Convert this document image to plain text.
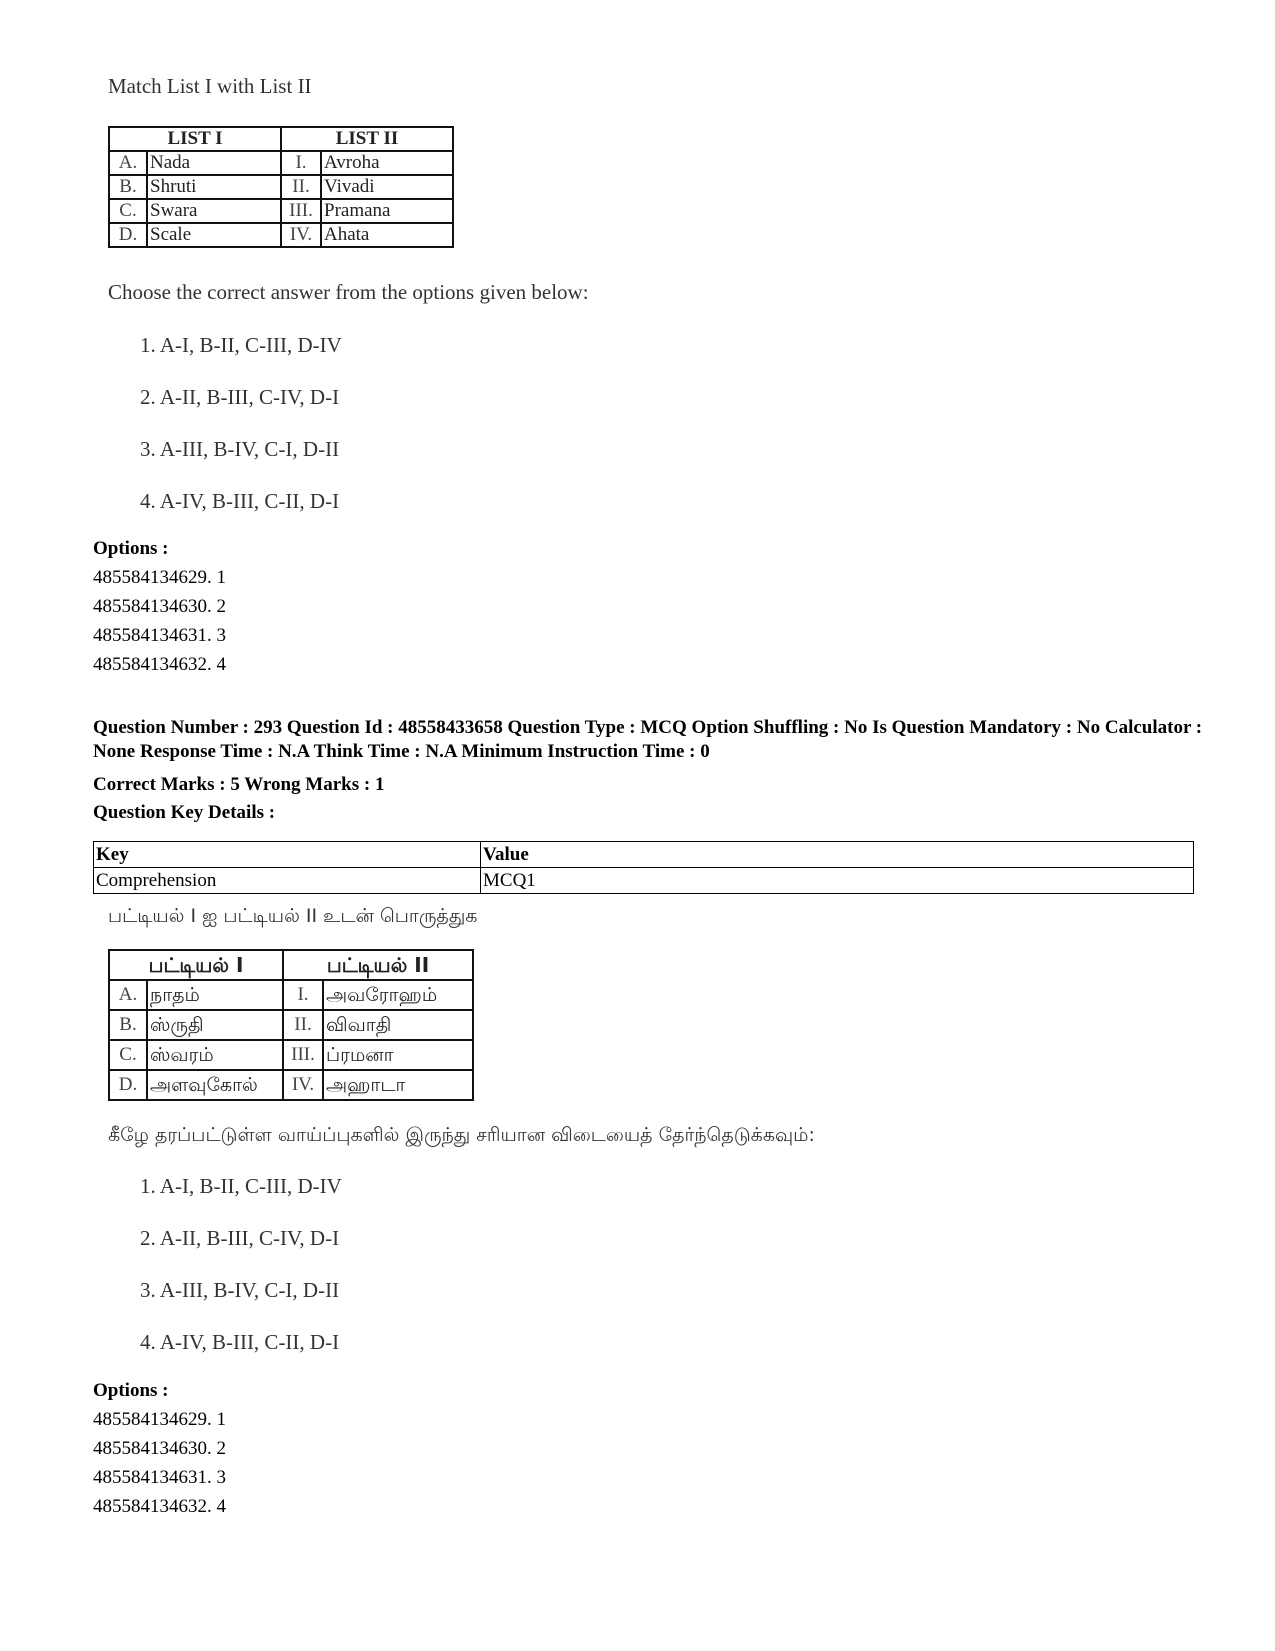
Match List I with List II

LIST I		LIST II	
A.	Nada	I.	Avroha
B.	Shruti	II.	Vivadi
C.	Swara	III.	Pramana
D.	Scale	IV.	Ahata

Choose the correct answer from the options given below:

1. A-I, B-II, C-III, D-IV

2. A-II, B-III, C-IV, D-I

3. A-III, B-IV, C-I, D-II

4. A-IV, B-III, C-II, D-I

Options :
485584134629. 1
485584134630. 2
485584134631. 3
485584134632. 4
Question Number : 293 Question Id : 48558433658 Question Type : MCQ Option Shuffling : No Is Question Mandatory : No Calculator : None Response Time : N.A Think Time : N.A Minimum Instruction Time : 0
Correct Marks : 5 Wrong Marks : 1
Question Key Details :
Key	Value
Comprehension	MCQ1

பட்டியல் I ஐ பட்டியல் II உடன் பொருத்துக

பட்டியல் I		பட்டியல் II	
A.	நாதம்	I.	அவரோஹம்
B.	ஸ்ருதி	II.	விவாதி
C.	ஸ்வரம்	III.	ப்ரமனா
D.	அளவுகோல்	IV.	அஹாடா

கீழே தரப்பட்டுள்ள வாய்ப்புகளில் இருந்து சரியான விடையைத் தேர்ந்தெடுக்கவும்:

1. A-I, B-II, C-III, D-IV

2. A-II, B-III, C-IV, D-I

3. A-III, B-IV, C-I, D-II

4. A-IV, B-III, C-II, D-I

Options :
485584134629. 1
485584134630. 2
485584134631. 3
485584134632. 4
